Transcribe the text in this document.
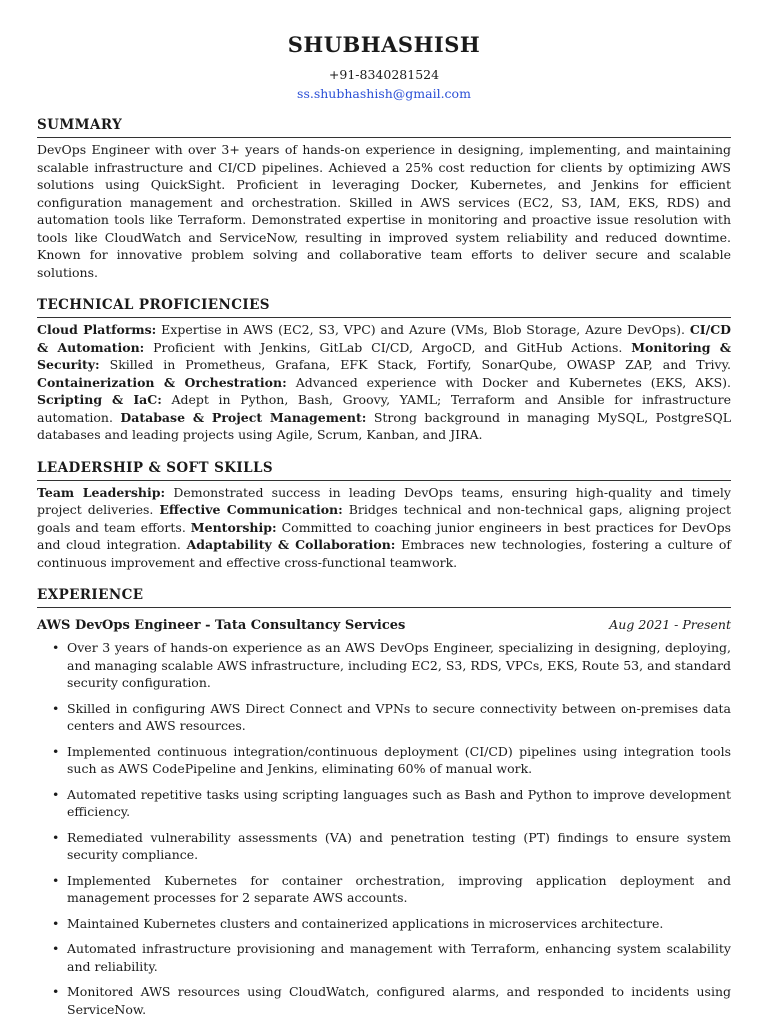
SHUBHASHISH
+91-8340281524
ss.shubhashish@gmail.com
SUMMARY
DevOps Engineer with over 3+ years of hands-on experience in designing, implementing, and maintaining scalable infrastructure and CI/CD pipelines. Achieved a 25% cost reduction for clients by optimizing AWS solutions using QuickSight. Proficient in leveraging Docker, Kubernetes, and Jenkins for efficient configuration management and orchestration. Skilled in AWS services (EC2, S3, IAM, EKS, RDS) and automation tools like Terraform. Demonstrated expertise in monitoring and proactive issue resolution with tools like CloudWatch and ServiceNow, resulting in improved system reliability and reduced downtime. Known for innovative problem solving and collaborative team efforts to deliver secure and scalable solutions.
TECHNICAL PROFICIENCIES
Cloud Platforms: Expertise in AWS (EC2, S3, VPC) and Azure (VMs, Blob Storage, Azure DevOps). CI/CD & Automation: Proficient with Jenkins, GitLab CI/CD, ArgoCD, and GitHub Actions. Monitoring & Security: Skilled in Prometheus, Grafana, EFK Stack, Fortify, SonarQube, OWASP ZAP, and Trivy. Containerization & Orchestration: Advanced experience with Docker and Kubernetes (EKS, AKS). Scripting & IaC: Adept in Python, Bash, Groovy, YAML; Terraform and Ansible for infrastructure automation. Database & Project Management: Strong background in managing MySQL, PostgreSQL databases and leading projects using Agile, Scrum, Kanban, and JIRA.
LEADERSHIP & SOFT SKILLS
Team Leadership: Demonstrated success in leading DevOps teams, ensuring high-quality and timely project deliveries. Effective Communication: Bridges technical and non-technical gaps, aligning project goals and team efforts. Mentorship: Committed to coaching junior engineers in best practices for DevOps and cloud integration. Adaptability & Collaboration: Embraces new technologies, fostering a culture of continuous improvement and effective cross-functional teamwork.
EXPERIENCE
AWS DevOps Engineer - Tata Consultancy Services	Aug 2021 - Present
• Over 3 years of hands-on experience as an AWS DevOps Engineer, specializing in designing, deploying, and managing scalable AWS infrastructure, including EC2, S3, RDS, VPCs, EKS, Route 53, and standard security configuration.
• Skilled in configuring AWS Direct Connect and VPNs to secure connectivity between on-premises data centers and AWS resources.
• Implemented continuous integration/continuous deployment (CI/CD) pipelines using integration tools such as AWS CodePipeline and Jenkins, eliminating 60% of manual work.
• Automated repetitive tasks using scripting languages such as Bash and Python to improve development efficiency.
• Remediated vulnerability assessments (VA) and penetration testing (PT) findings to ensure system security compliance.
• Implemented Kubernetes for container orchestration, improving application deployment and management processes for 2 separate AWS accounts.
• Maintained Kubernetes clusters and containerized applications in microservices architecture.
• Automated infrastructure provisioning and management with Terraform, enhancing system scalability and reliability.
• Monitored AWS resources using CloudWatch, configured alarms, and responded to incidents using ServiceNow.
